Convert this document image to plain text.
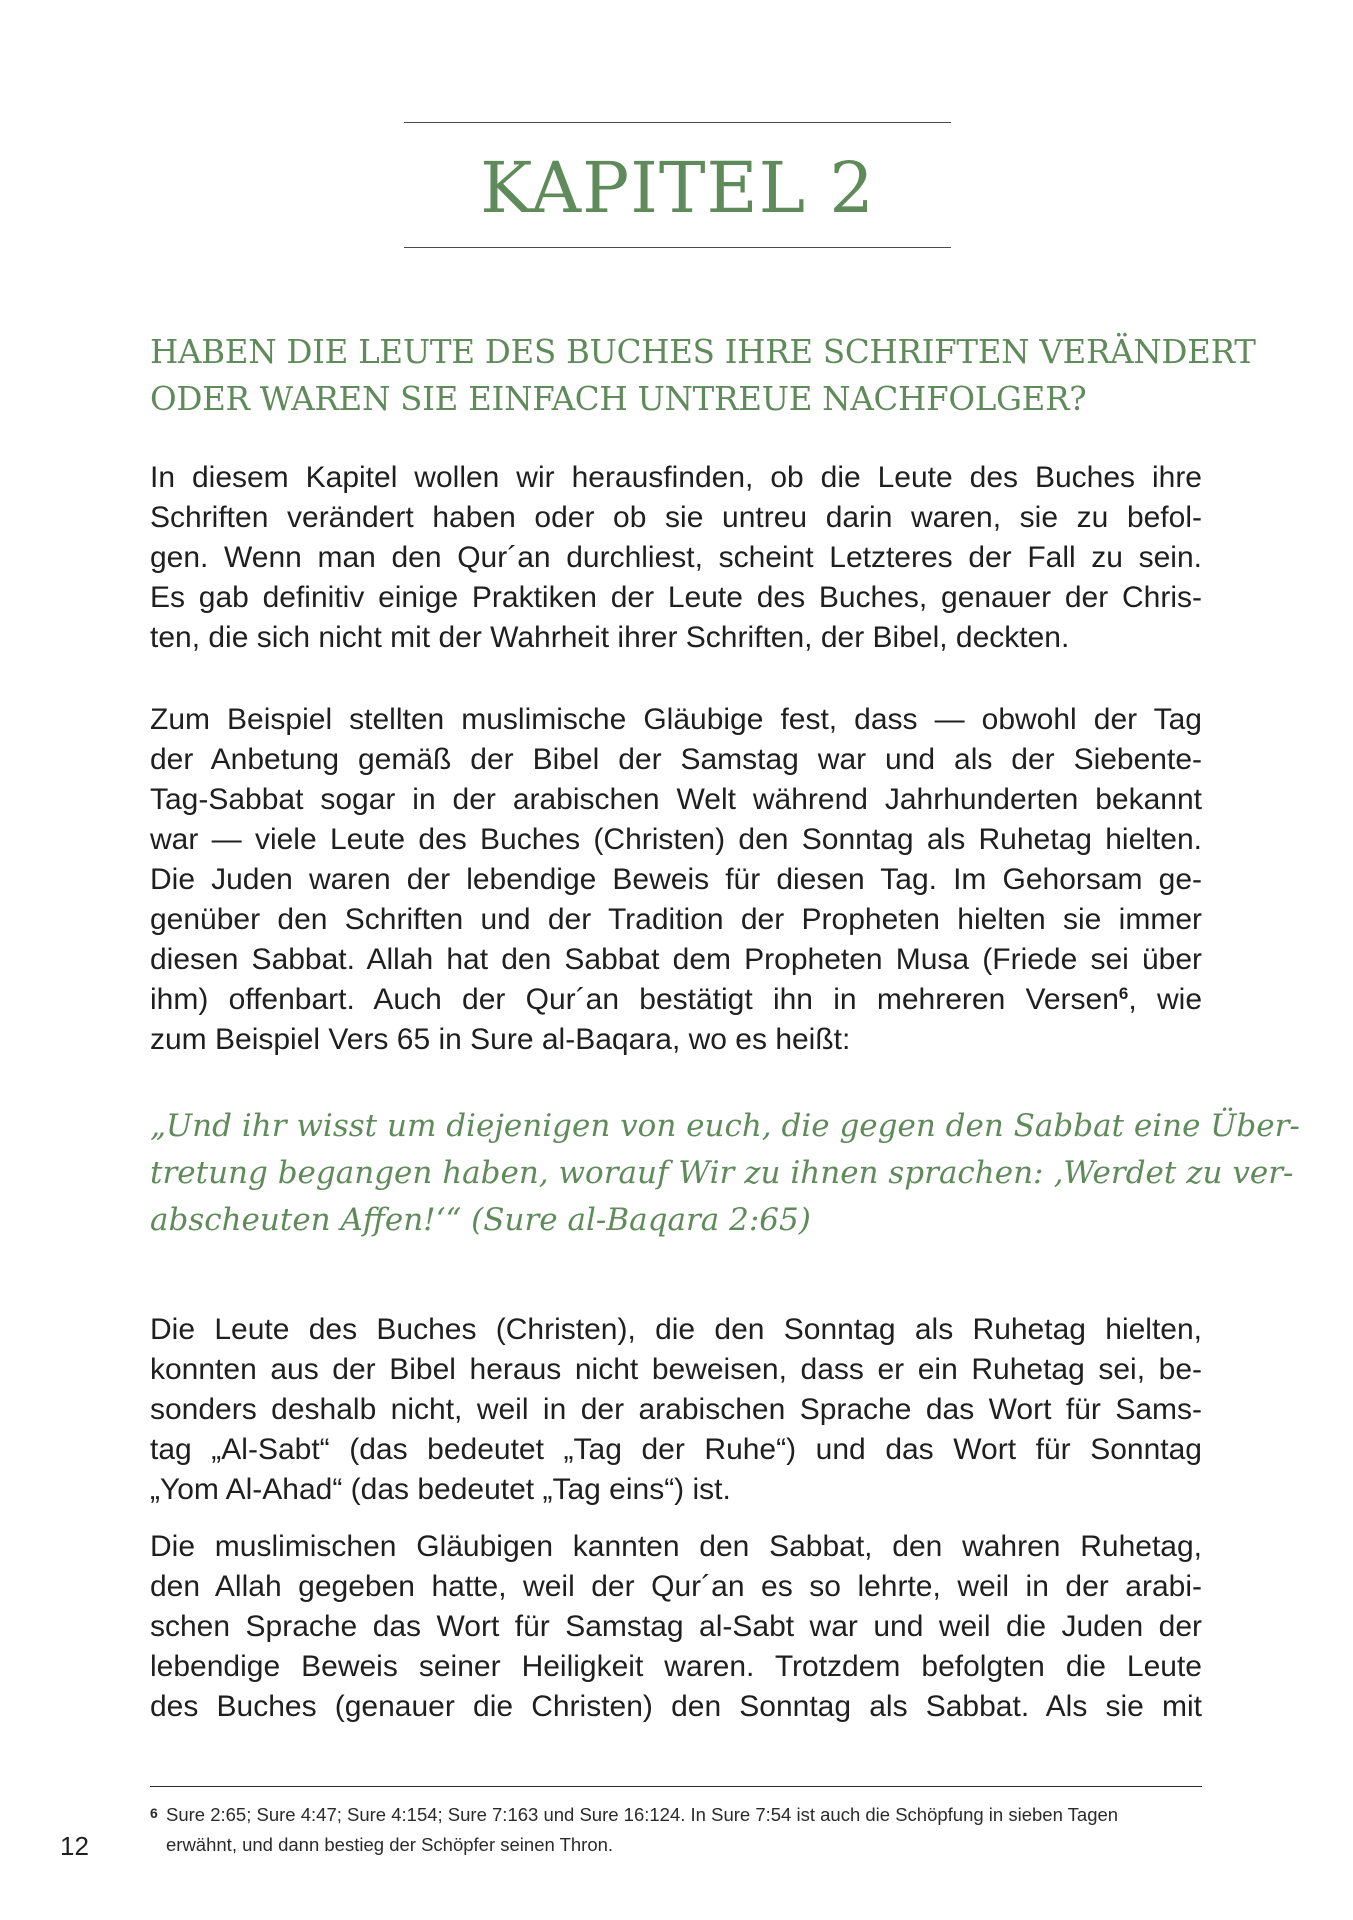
KAPITEL 2
HABEN DIE LEUTE DES BUCHES IHRE SCHRIFTEN VERÄNDERT
ODER WAREN SIE EINFACH UNTREUE NACHFOLGER?
In diesem Kapitel wollen wir herausfinden, ob die Leute des Buches ihre
Schriften verändert haben oder ob sie untreu darin waren, sie zu befol-
gen. Wenn man den Qur´an durchliest, scheint Letzteres der Fall zu sein.
Es gab definitiv einige Praktiken der Leute des Buches, genauer der Chris-
ten, die sich nicht mit der Wahrheit ihrer Schriften, der Bibel, deckten.
Zum Beispiel stellten muslimische Gläubige fest, dass — obwohl der Tag
der Anbetung gemäß der Bibel der Samstag war und als der Siebente-
Tag-Sabbat sogar in der arabischen Welt während Jahrhunderten bekannt
war — viele Leute des Buches (Christen) den Sonntag als Ruhetag hielten.
Die Juden waren der lebendige Beweis für diesen Tag. Im Gehorsam ge-
genüber den Schriften und der Tradition der Propheten hielten sie immer
diesen Sabbat. Allah hat den Sabbat dem Propheten Musa (Friede sei über
ihm) offenbart. Auch der Qur´an bestätigt ihn in mehreren Versen$^6$, wie
zum Beispiel Vers 65 in Sure al-Baqara, wo es heißt:
„Und ihr wisst um diejenigen von euch, die gegen den Sabbat eine Über-
tretung begangen haben, worauf Wir zu ihnen sprachen: ‚Werdet zu ver-
abscheuten Affen!‘“ (Sure al-Baqara 2:65)
Die Leute des Buches (Christen), die den Sonntag als Ruhetag hielten,
konnten aus der Bibel heraus nicht beweisen, dass er ein Ruhetag sei, be-
sonders deshalb nicht, weil in der arabischen Sprache das Wort für Sams-
tag „Al-Sabt“ (das bedeutet „Tag der Ruhe“) und das Wort für Sonntag
„Yom Al-Ahad“ (das bedeutet „Tag eins“) ist.
Die muslimischen Gläubigen kannten den Sabbat, den wahren Ruhetag,
den Allah gegeben hatte, weil der Qur´an es so lehrte, weil in der arabi-
schen Sprache das Wort für Samstag al-Sabt war und weil die Juden der
lebendige Beweis seiner Heiligkeit waren. Trotzdem befolgten die Leute
des Buches (genauer die Christen) den Sonntag als Sabbat. Als sie mit
6 Sure 2:65; Sure 4:47; Sure 4:154; Sure 7:163 und Sure 16:124. In Sure 7:54 ist auch die Schöpfung in sieben Tagen
erwähnt, und dann bestieg der Schöpfer seinen Thron.
12
